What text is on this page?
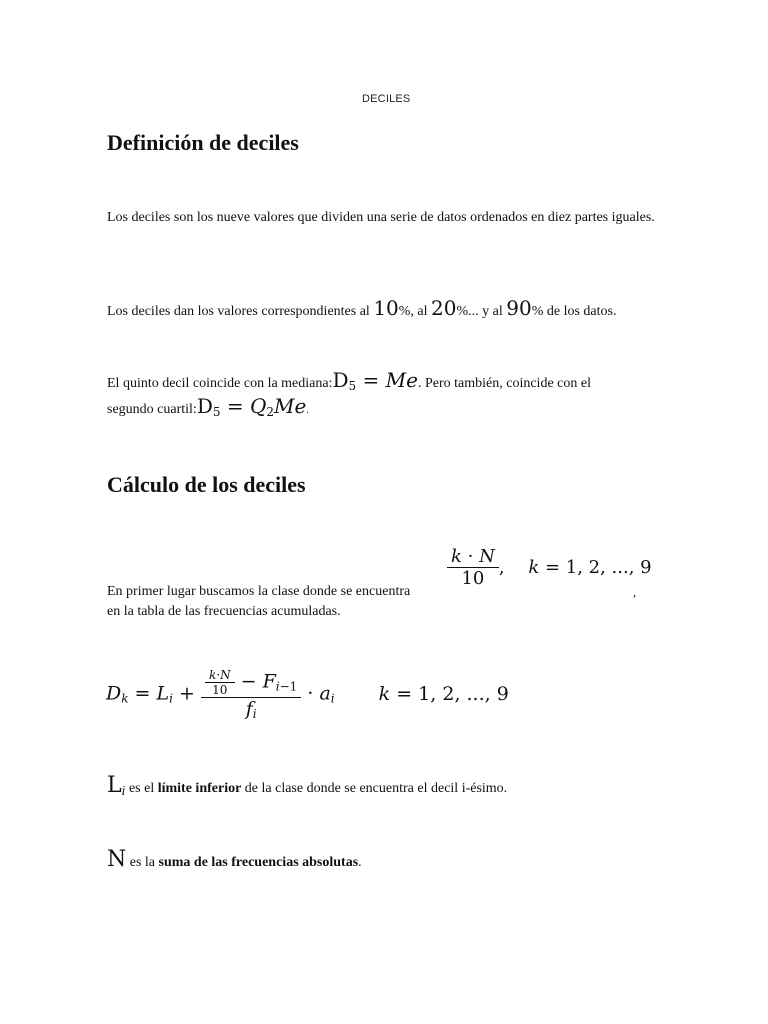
DECILES
Definición de deciles
Los deciles son los nueve valores que dividen una serie de datos ordenados en diez partes iguales.
Los deciles dan los valores correspondientes al 10%, al 20%... y al 90% de los datos.
El quinto decil coincide con la $mediana:D_5 = Me$. Pero también, coincide con el
segundo $cuartil:D_5 = Q_2Me$.
Cálculo de los deciles
En primer lugar buscamos la clase donde se encuentra
en la tabla de las frecuencias acumuladas.
$\frac{k \cdot N}{10}$ , k = 1, 2, ..., 9
,
$D_k = L_i + \frac{\frac{k\cdot N}{10} - F_{i-1}}{f_i} \cdot a_i$ k = 1, 2, ..., 9
$L_i$ es el límite inferior de la clase donde se encuentra el decil i-ésimo.
N es la suma de las frecuencias absolutas.
